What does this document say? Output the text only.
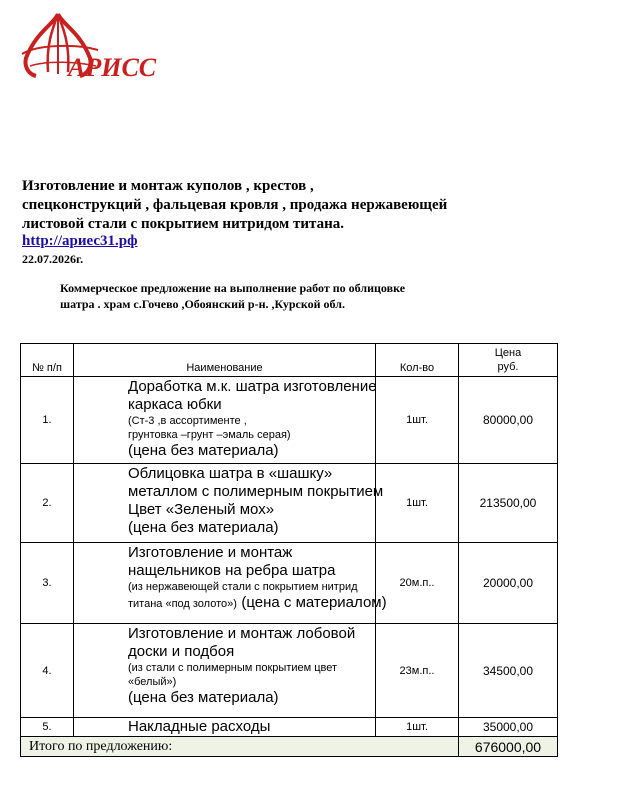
АРИСС
Изготовление и монтаж куполов , крестов ,
спецконструкций , фальцевая кровля , продажа нержавеющей
листовой стали с покрытием нитридом титана.
http://ариес31.рф
22.07.2026г.
Коммерческое предложение на выполнение работ по облицовке
шатра . храм с.Гочево ,Обоянский р-н. ,Курской обл.
№ п/п	Наименование	Кол-во	Цена
руб.

1.	Доработка м.к. шатра изготовление
каркаса юбки
(Ст-3 ,в ассортименте ,
грунтовка –грунт –эмаль серая)
(цена без материала)	1шт.	80000,00
2.	Облицовка шатра в «шашку»
металлом с полимерным покрытием
Цвет «Зеленый мох»
(цена без материала)	1шт.	213500,00
3.	Изготовление и монтаж
нащельников на ребра шатра
(из нержавеющей стали с покрытием нитрид
титана «под золото») (цена с материалом)	20м.п..	20000,00
4.	Изготовление и монтаж лобовой
доски и подбоя
(из стали с полимерным покрытием цвет
«белый»)
(цена без материала)	23м.п..	34500,00
5.	Накладные расходы	1шт.	35000,00
Итого по предложению:			676000,00
